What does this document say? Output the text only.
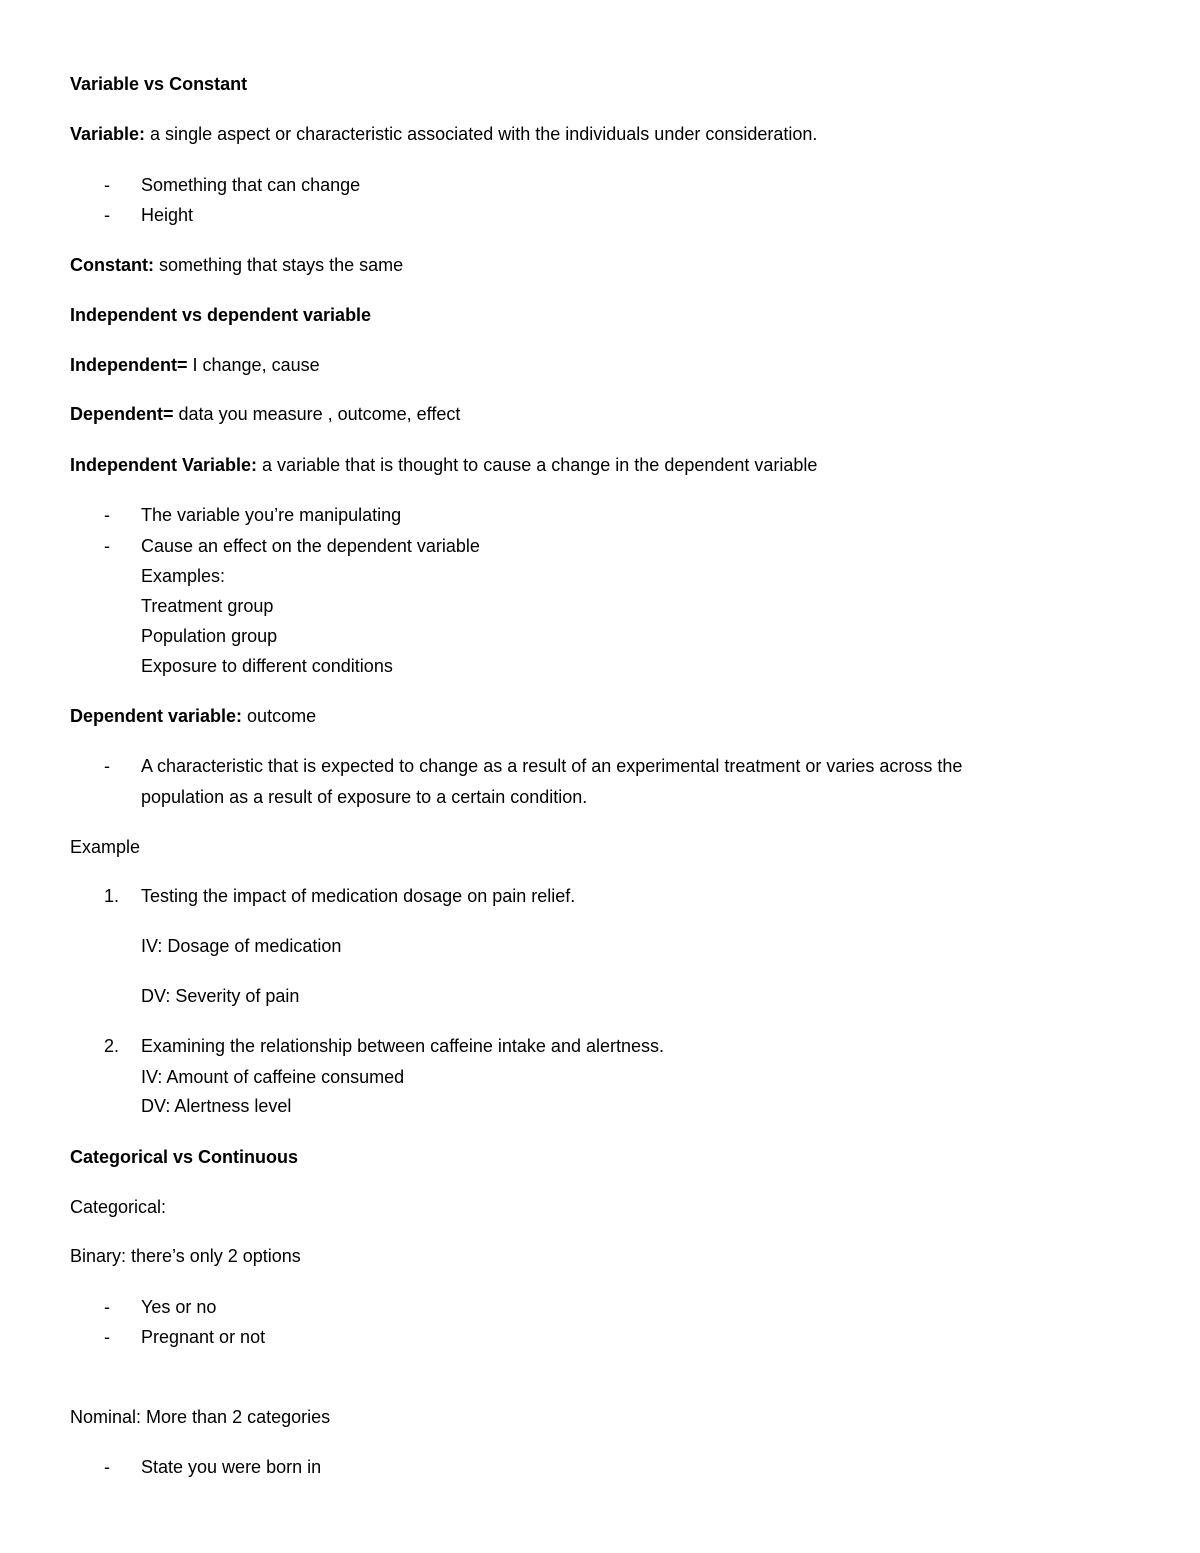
Variable vs Constant
Variable: a single aspect or characteristic associated with the individuals under consideration.
- Something that can change
- Height
Constant: something that stays the same
Independent vs dependent variable
Independent= I change, cause
Dependent= data you measure , outcome, effect
Independent Variable: a variable that is thought to cause a change in the dependent variable
- The variable you’re manipulating
- Cause an effect on the dependent variable
Examples:
Treatment group
Population group
Exposure to different conditions
Dependent variable: outcome
- A characteristic that is expected to change as a result of an experimental treatment or varies across the
population as a result of exposure to a certain condition.
Example
1. Testing the impact of medication dosage on pain relief.
IV: Dosage of medication
DV: Severity of pain
2. Examining the relationship between caffeine intake and alertness.
IV: Amount of caffeine consumed
DV: Alertness level
Categorical vs Continuous
Categorical:
Binary: there’s only 2 options
- Yes or no
- Pregnant or not
Nominal: More than 2 categories
- State you were born in
